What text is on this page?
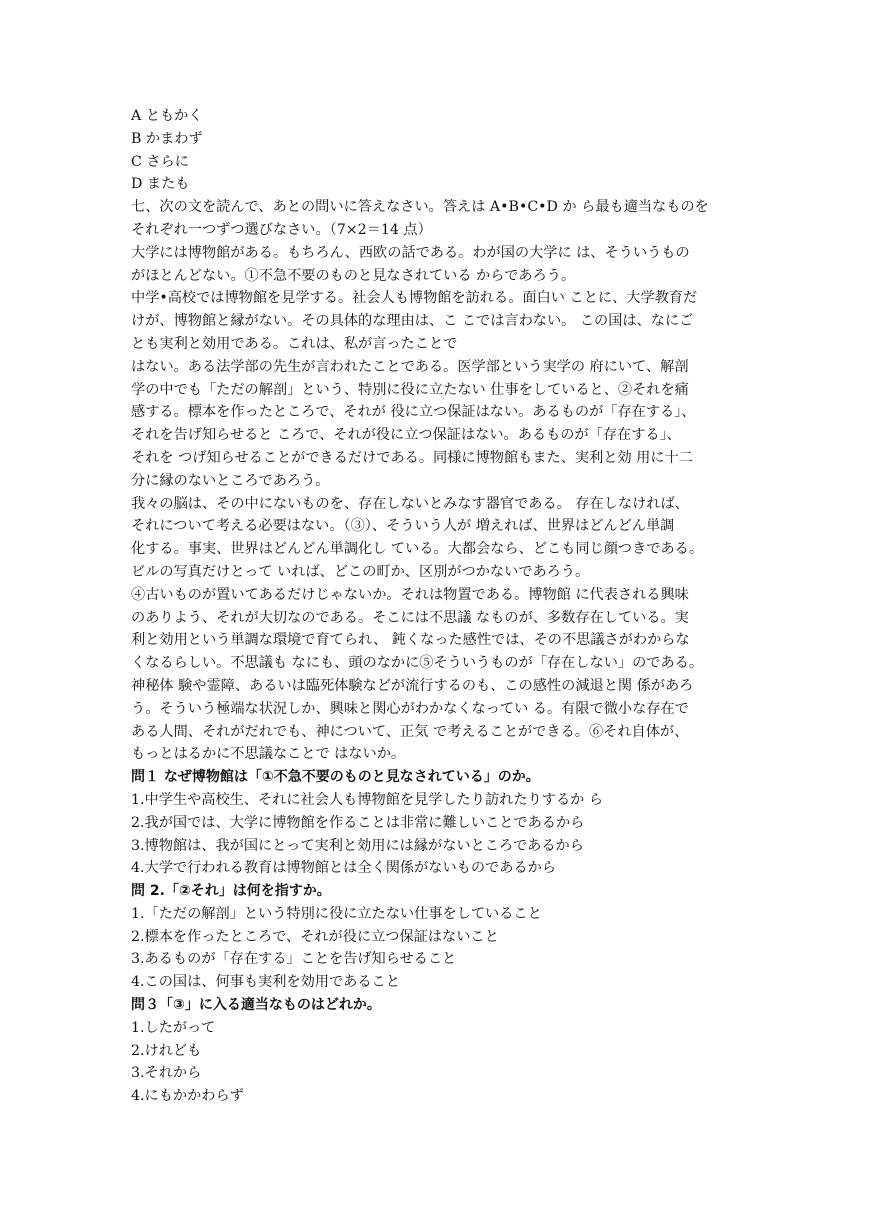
A ともかく
B かまわず
C さらに
D またも
七、次の文を読んで、あとの問いに答えなさい。答えは A•B•C•D か ら最も適当なものを
それぞれ一つずつ選びなさい。（7×2＝14 点）
大学には博物館がある。もちろん、西欧の話である。わが国の大学に は、そういうもの
がほとんどない。①不急不要のものと見なされている からであろう。
中学•高校では博物館を見学する。社会人も博物館を訪れる。面白い ことに、大学教育だ
けが、博物館と縁がない。その具体的な理由は、こ こでは言わない。 この国は、なにご
とも実利と効用である。これは、私が言ったことで
はない。ある法学部の先生が言われたことである。医学部という実学の 府にいて、解剖
学の中でも「ただの解剖」という、特別に役に立たない 仕事をしていると、②それを痛
感する。標本を作ったところで、それが 役に立つ保証はない。あるものが「存在する」、
それを告げ知らせると ころで、それが役に立つ保証はない。あるものが「存在する」、
それを つげ知らせることができるだけである。同様に博物館もまた、実利と効 用に十二
分に縁のないところであろう。
我々の脳は、その中にないものを、存在しないとみなす器官である。 存在しなければ、
それについて考える必要はない。（③）、そういう人が 増えれば、世界はどんどん単調
化する。事実、世界はどんどん単調化し ている。大都会なら、どこも同じ顔つきである。
ビルの写真だけとって いれば、どこの町か、区別がつかないであろう。
④古いものが置いてあるだけじゃないか。それは物置である。博物館 に代表される興味
のありよう、それが大切なのである。そこには不思議 なものが、多数存在している。実
利と効用という単調な環境で育てられ、 鈍くなった感性では、その不思議さがわからな
くなるらしい。不思議も なにも、頭のなかに⑤そういうものが「存在しない」のである。
神秘体 験や霊障、あるいは臨死体験などが流行するのも、この感性の減退と関 係があろ
う。そういう極端な状況しか、興味と関心がわかなくなってい る。有限で微小な存在で
ある人間、それがだれでも、神について、正気 で考えることができる。⑥それ自体が、
もっとはるかに不思議なことで はないか。
問１ なぜ博物館は「①不急不要のものと見なされている」のか。
1.中学生や高校生、それに社会人も博物館を見学したり訪れたりするか ら
2.我が国では、大学に博物館を作ることは非常に難しいことであるから
3.博物館は、我が国にとって実利と効用には縁がないところであるから
4.大学で行われる教育は博物館とは全く関係がないものであるから
問 2.「②それ」は何を指すか。
1.「ただの解剖」という特別に役に立たない仕事をしていること
2.標本を作ったところで、それが役に立つ保証はないこと
3.あるものが「存在する」ことを告げ知らせること
4.この国は、何事も実利を効用であること
問３「③」に入る適当なものはどれか。
1.したがって
2.けれども
3.それから
4.にもかかわらず
